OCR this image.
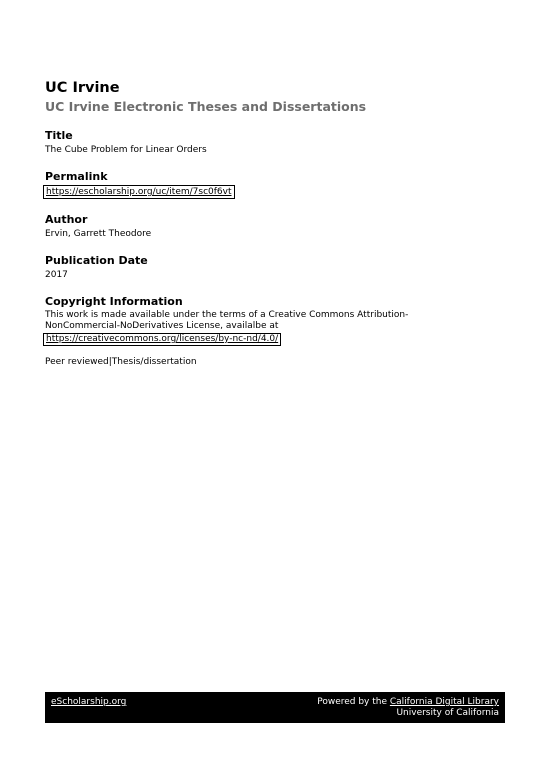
UC Irvine
UC Irvine Electronic Theses and Dissertations
Title
The Cube Problem for Linear Orders
Permalink
https://escholarship.org/uc/item/7sc0f6vt
Author
Ervin, Garrett Theodore
Publication Date
2017
Copyright Information
This work is made available under the terms of a Creative Commons Attribution-
NonCommercial-NoDerivatives License, availalbe at
https://creativecommons.org/licenses/by-nc-nd/4.0/
Peer reviewed|Thesis/dissertation
eScholarship.org	Powered by the California Digital Library
University of California
